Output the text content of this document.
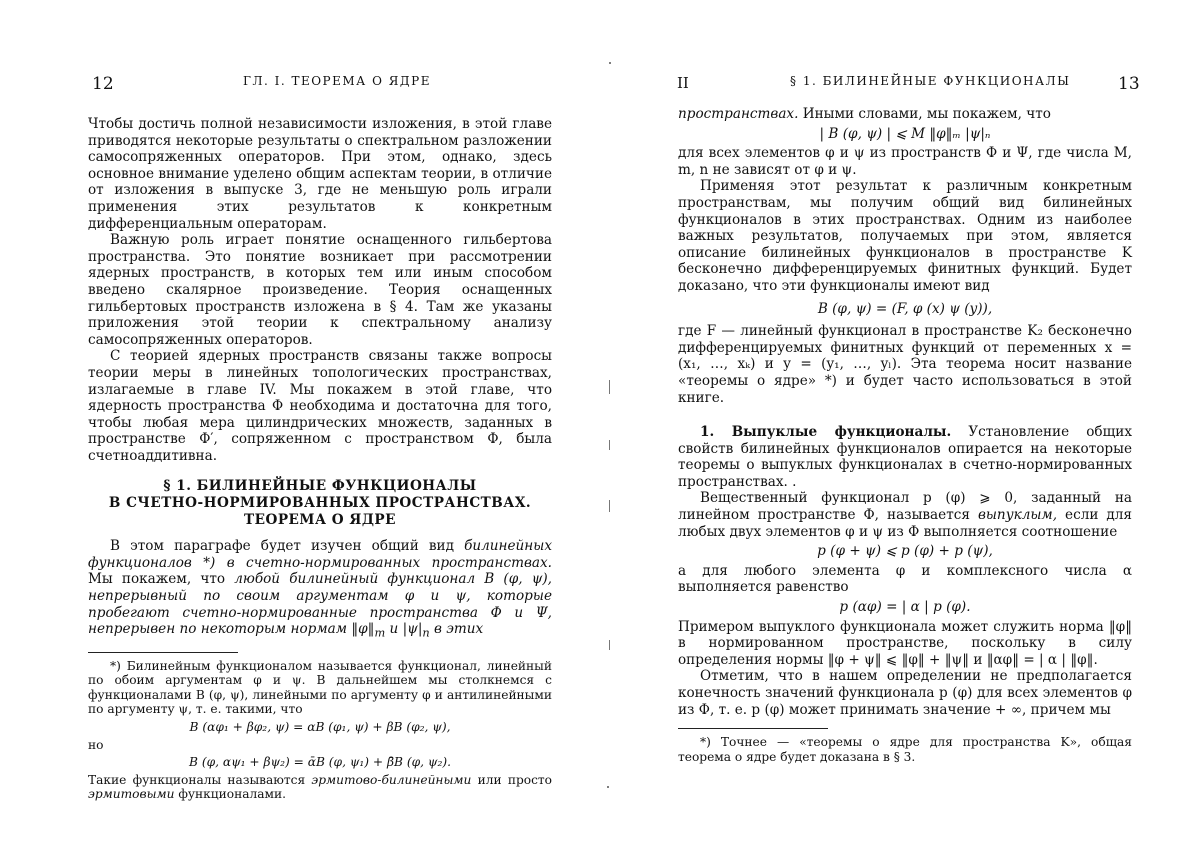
12	ГЛ. I. ТЕОРЕМА О ЯДРЕ

Чтобы достичь полной независимости изложения, в этой главе приводятся некоторые результаты о спектральном разложении самосопряженных операторов. При этом, однако, здесь основное внимание уделено общим аспектам теории, в отличие от изложения в выпуске 3, где не меньшую роль играли применения этих результатов к конкретным дифференциальным операторам.

Важную роль играет понятие оснащенного гильбертова пространства. Это понятие возникает при рассмотрении ядерных пространств, в которых тем или иным способом введено скалярное произведение. Теория оснащенных гильбертовых пространств изложена в § 4. Там же указаны приложения этой теории к спектральному анализу самосопряженных операторов.

С теорией ядерных пространств связаны также вопросы теории меры в линейных топологических пространствах, излагаемые в главе IV. Мы покажем в этой главе, что ядерность пространства Φ необходима и достаточна для того, чтобы любая мера цилиндрических множеств, заданных в пространстве Φ′, сопряженном с пространством Φ, была счетноаддитивна.

§ 1. БИЛИНЕЙНЫЕ ФУНКЦИОНАЛЫ
В СЧЕТНО-НОРМИРОВАННЫХ ПРОСТРАНСТВАХ.
ТЕОРЕМА О ЯДРЕ

В этом параграфе будет изучен общий вид билинейных функционалов *) в счетно-нормированных пространствах. Мы покажем, что любой билинейный функционал B (φ, ψ), непрерывный по своим аргументам φ и ψ, которые пробегают счетно-нормированные пространства Φ и Ψ, непрерывен по некоторым нормам $‖\varphi‖_m$ и $|\psi|_n$ в этих

*) Билинейным функционалом называется функционал, линейный по обоим аргументам φ и ψ. В дальнейшем мы столкнемся с функционалами B (φ, ψ), линейными по аргументу φ и антилинейными по аргументу ψ, т. е. такими, что

B (αφ₁ + βφ₂, ψ) = αB (φ₁, ψ) + βB (φ₂, ψ),
но
B (φ, αψ₁ + βψ₂) = ᾱB (φ, ψ₁) + β̄B (φ, ψ₂).

Такие функционалы называются эрмитово-билинейными или просто эрмитовыми функционалами.

II	§ 1. БИЛИНЕЙНЫЕ ФУНКЦИОНАЛЫ	13

пространствах. Иными словами, мы покажем, что

| B (φ, ψ) | ⩽ M ‖φ‖ₘ |ψ|ₙ

для всех элементов φ и ψ из пространств Φ и Ψ, где числа M, m, n не зависят от φ и ψ.

Применяя этот результат к различным конкретным пространствам, мы получим общий вид билинейных функционалов в этих пространствах. Одним из наиболее важных результатов, получаемых при этом, является описание билинейных функционалов в пространстве K бесконечно дифференцируемых финитных функций. Будет доказано, что эти функционалы имеют вид

B (φ, ψ) = (F, φ (x) ψ (y)),

где F — линейный функционал в пространстве K₂ бесконечно дифференцируемых финитных функций от переменных x = (x₁, …, xₖ) и y = (y₁, …, yₗ). Эта теорема носит название «теоремы о ядре» *) и будет часто использоваться в этой книге.

1. Выпуклые функционалы. Установление общих свойств билинейных функционалов опирается на некоторые теоремы о выпуклых функционалах в счетно-нормированных пространствах. .

Вещественный функционал p (φ) ⩾ 0, заданный на линейном пространстве Φ, называется выпуклым, если для любых двух элементов φ и ψ из Φ выполняется соотношение

p (φ + ψ) ⩽ p (φ) + p (ψ),

а для любого элемента φ и комплексного числа α выполняется равенство

p (αφ) = | α | p (φ).

Примером выпуклого функционала может служить норма ‖φ‖ в нормированном пространстве, поскольку в силу определения нормы ‖φ + ψ‖ ⩽ ‖φ‖ + ‖ψ‖ и ‖αφ‖ = | α | ‖φ‖.

Отметим, что в нашем определении не предполагается конечность значений функционала p (φ) для всех элементов φ из Φ, т. е. p (φ) может принимать значение + ∞, причем мы

*) Точнее — «теоремы о ядре для пространства K», общая теорема о ядре будет доказана в § 3.
